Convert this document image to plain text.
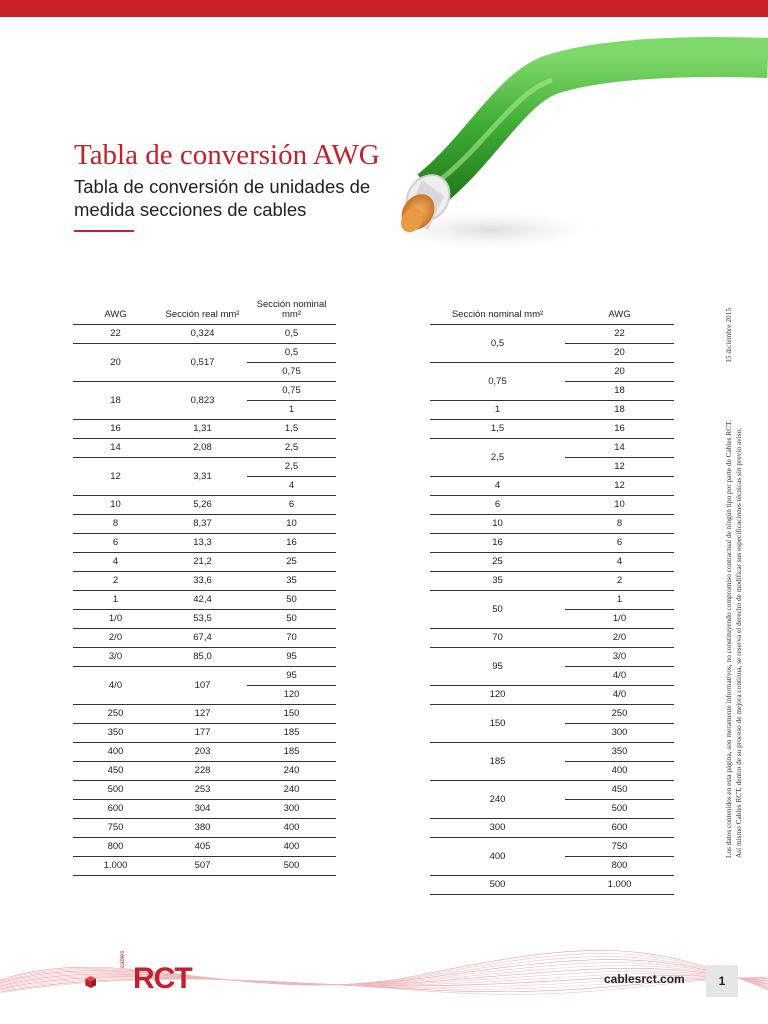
Tabla de conversión AWG
Tabla de conversión de unidades de medida secciones de cables
AWG	Sección real mm²	Sección nominal mm²
22	0,324	0,5
20	0,517	0,5
		0,75
18	0,823	0,75
		1
16	1,31	1,5
14	2,08	2,5
12	3,31	2,5
		4
10	5,26	6
8	8,37	10
6	13,3	16
4	21,2	25
2	33,6	35
1	42,4	50
1/0	53,5	50
2/0	67,4	70
3/0	85,0	95
4/0	107	95
		120
250	127	150
350	177	185
400	203	185
450	228	240
500	253	240
600	304	300
750	380	400
800	405	400
1.000	507	500
Sección nominal mm²	AWG
0,5	22
	20
0,75	20
	18
1	18
1,5	16
2,5	14
	12
4	12
6	10
10	8
16	6
25	4
35	2
50	1
	1/0
70	2/0
95	3/0
	4/0
120	4/0
150	250
	300
185	350
	400
240	450
	500
300	600
400	750
	800
500	1.000
Los datos contenidos en esta página, son meramente informativos, no constituyendo compromiso contractual de ningún tipo por parte de Cables RCT. Así mismo Cables RCT, dentro de su proceso de mejora continua, se reserva el derecho de modificar sus especificaciones técnicas sin previo aviso.
15 diciembre 2015
cables
RCT	cablesrct.com	1
